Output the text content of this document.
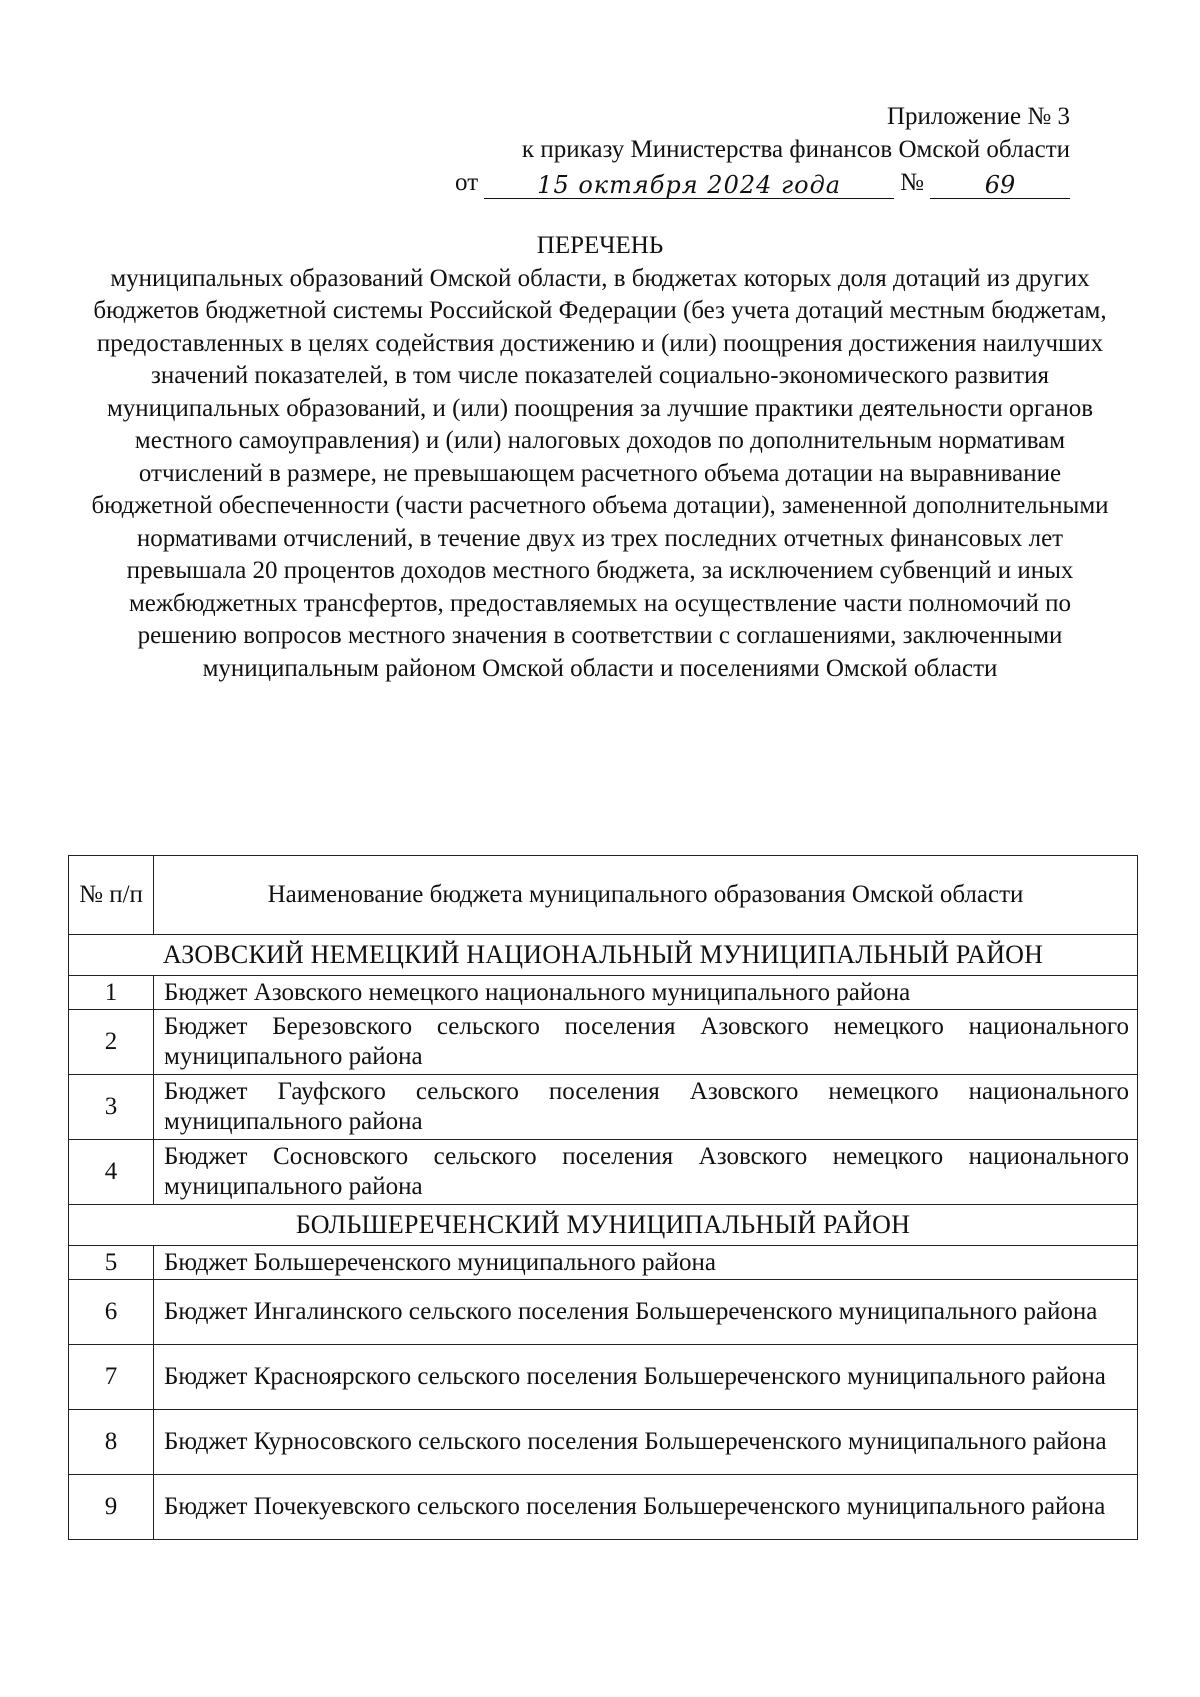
Приложение № 3
к приказу Министерства финансов Омской области
от	15 октября 2024 года	№	69
ПЕРЕЧЕНЬ
муниципальных образований Омской области, в бюджетах которых доля дотаций из других бюджетов бюджетной системы Российской Федерации (без учета дотаций местным бюджетам, предоставленных в целях содействия достижению и (или) поощрения достижения наилучших значений показателей, в том числе показателей социально-экономического развития муниципальных образований, и (или) поощрения за лучшие практики деятельности органов местного самоуправления) и (или) налоговых доходов по дополнительным нормативам отчислений в размере, не превышающем расчетного объема дотации на выравнивание бюджетной обеспеченности (части расчетного объема дотации), замененной дополнительными нормативами отчислений, в течение двух из трех последних отчетных финансовых лет превышала 20 процентов доходов местного бюджета, за исключением субвенций и иных межбюджетных трансфертов, предоставляемых на осуществление части полномочий по решению вопросов местного значения в соответствии с соглашениями, заключенными муниципальным районом Омской области и поселениями Омской области
№ п/п	Наименование бюджета муниципального образования Омской области
АЗОВСКИЙ НЕМЕЦКИЙ НАЦИОНАЛЬНЫЙ МУНИЦИПАЛЬНЫЙ РАЙОН	
1	Бюджет Азовского немецкого национального муниципального района
2	Бюджет Березовского сельского поселения Азовского немецкого национального муниципального района
3	Бюджет Гауфского сельского поселения Азовского немецкого национального муниципального района
4	Бюджет Сосновского сельского поселения Азовского немецкого национального муниципального района
БОЛЬШЕРЕЧЕНСКИЙ МУНИЦИПАЛЬНЫЙ РАЙОН	
5	Бюджет Большереченского муниципального района
6	Бюджет Ингалинского сельского поселения Большереченского муниципального района
7	Бюджет Красноярского сельского поселения Большереченского муниципального района
8	Бюджет Курносовского сельского поселения Большереченского муниципального района
9	Бюджет Почекуевского сельского поселения Большереченского муниципального района
